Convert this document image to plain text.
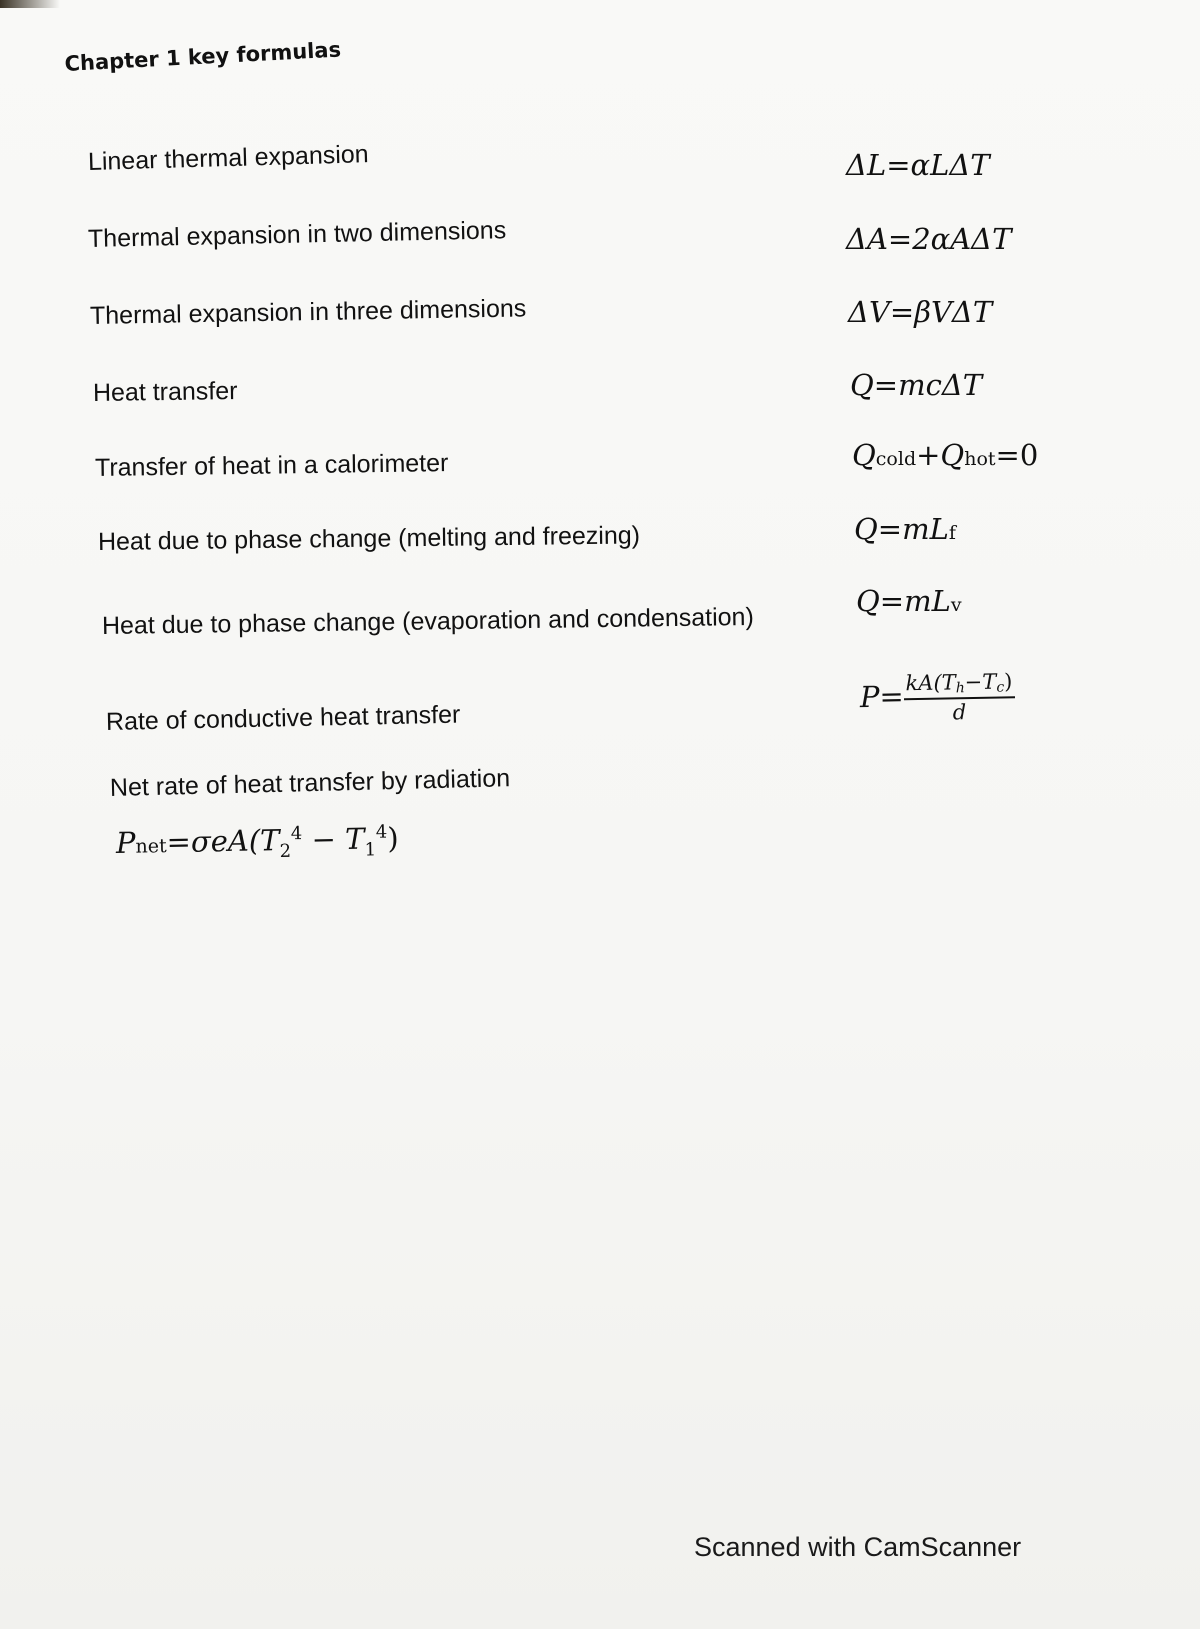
Chapter 1 key formulas
Linear thermal expansion
Thermal expansion in two dimensions
Thermal expansion in three dimensions
Heat transfer
Transfer of heat in a calorimeter
Heat due to phase change (melting and freezing)
Heat due to phase change (evaporation and condensation)
Rate of conductive heat transfer
Net rate of heat transfer by radiation
ΔL=αLΔT
ΔA=2αAΔT
ΔV=βVΔT
Q=mcΔT
Qcold+Qhot=0
Q=mLf
Q=mLv
$P= \frac{kA(Th-Tc)}{d}$
$Pnet=\sigma eA(T_2^4 - T_1^4)$
Scanned with CamScanner
